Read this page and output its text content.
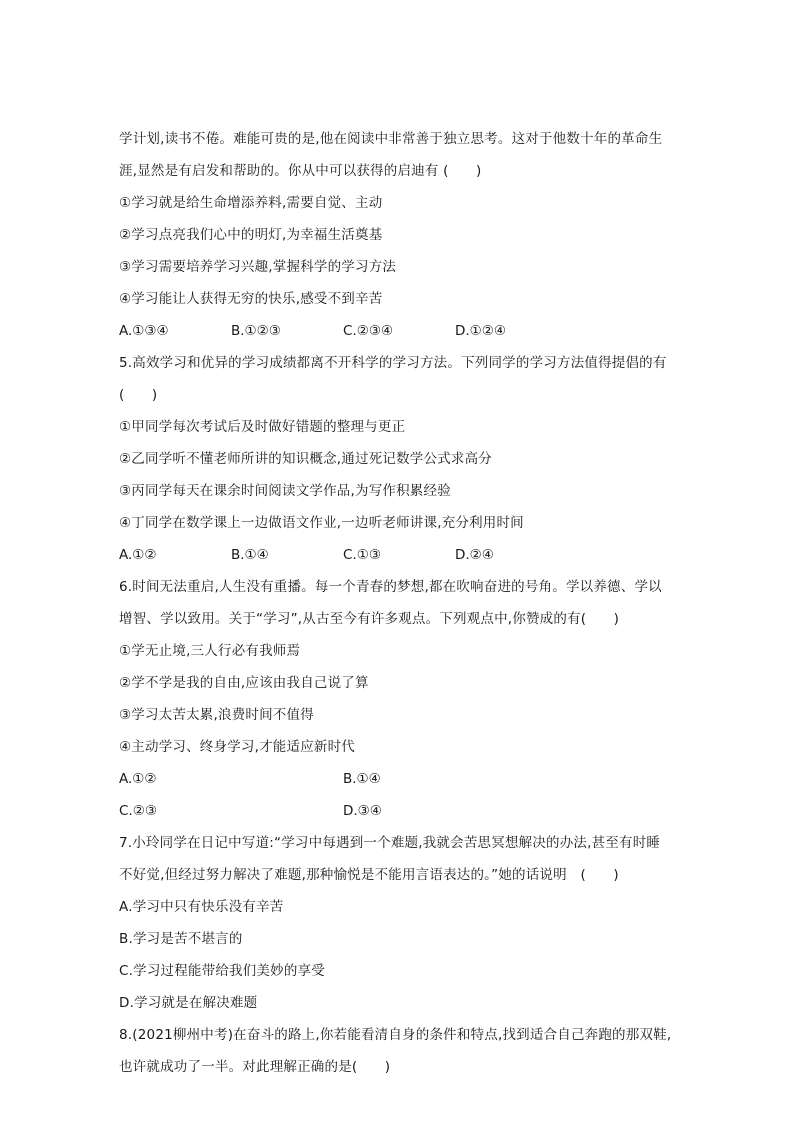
学计划,读书不倦。难能可贵的是,他在阅读中非常善于独立思考。这对于他数十年的革命生
涯,显然是有启发和帮助的。你从中可以获得的启迪有 (　　)
①学习就是给生命增添养料,需要自觉、主动
②学习点亮我们心中的明灯,为幸福生活奠基
③学习需要培养学习兴趣,掌握科学的学习方法
④学习能让人获得无穷的快乐,感受不到辛苦
A.①③④	B.①②③	C.②③④	D.①②④
5.高效学习和优异的学习成绩都离不开科学的学习方法。下列同学的学习方法值得提倡的有
(　　)
①甲同学每次考试后及时做好错题的整理与更正
②乙同学听不懂老师所讲的知识概念,通过死记数学公式求高分
③丙同学每天在课余时间阅读文学作品,为写作积累经验
④丁同学在数学课上一边做语文作业,一边听老师讲课,充分利用时间
A.①②	B.①④	C.①③	D.②④
6.时间无法重启,人生没有重播。每一个青春的梦想,都在吹响奋进的号角。学以养德、学以
增智、学以致用。关于“学习”,从古至今有许多观点。下列观点中,你赞成的有(　　)
①学无止境,三人行必有我师焉
②学不学是我的自由,应该由我自己说了算
③学习太苦太累,浪费时间不值得
④主动学习、终身学习,才能适应新时代
A.①②	B.①④
C.②③	D.③④
7.小玲同学在日记中写道:“学习中每遇到一个难题,我就会苦思冥想解决的办法,甚至有时睡
不好觉,但经过努力解决了难题,那种愉悦是不能用言语表达的。”她的话说明　(　　)
A.学习中只有快乐没有辛苦
B.学习是苦不堪言的
C.学习过程能带给我们美妙的享受
D.学习就是在解决难题
8.(2021柳州中考)在奋斗的路上,你若能看清自身的条件和特点,找到适合自己奔跑的那双鞋,
也许就成功了一半。对此理解正确的是(　　)
